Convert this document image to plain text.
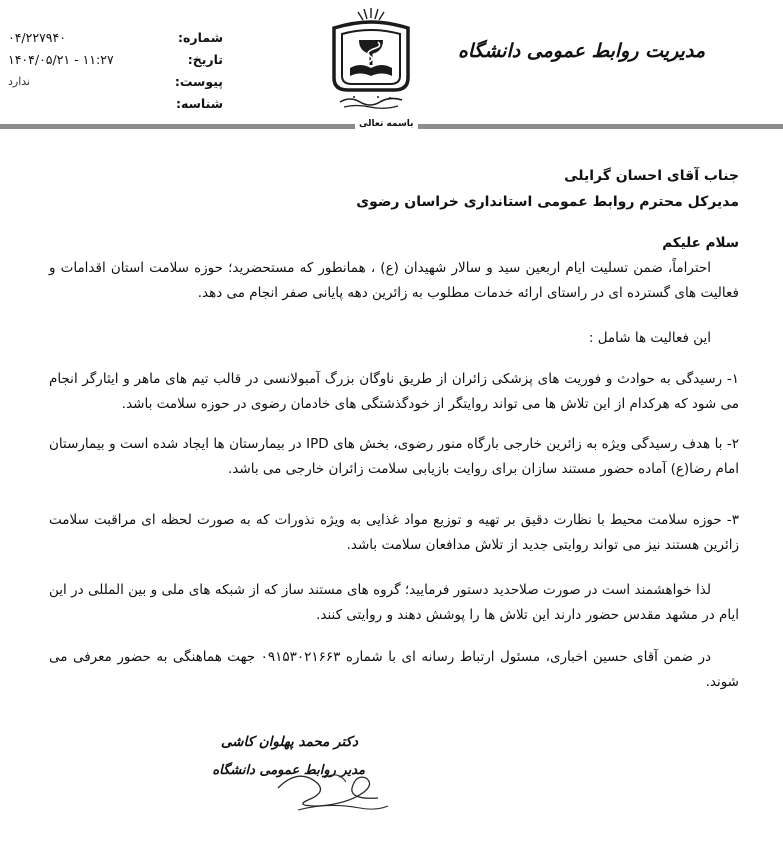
شماره:
۰۴/۲۲۷۹۴۰
تاریخ:
۱۴۰۴/۰۵/۲۱ - ۱۱:۲۷
پیوست:
ندارد
شناسه:
مدیریت روابط عمومی دانشگاه
باسمه تعالی
جناب آقای احسان گرایلی
مدیرکل محترم روابط عمومی استانداری خراسان رضوی
سلام علیکم
احتراماً، ضمن تسلیت ایام اربعین سید و سالار شهیدان (ع) ، همانطور که مستحضرید؛ حوزه سلامت استان اقدامات و فعالیت های گسترده ای در راستای ارائه خدمات مطلوب به زائرین دهه پایانی صفر انجام می دهد.
این فعالیت ها شامل :
۱- رسیدگی به حوادث و فوریت های پزشکی زائران از طریق ناوگان بزرگ آمبولانسی در قالب تیم های ماهر و ایثارگر انجام می شود که هرکدام از این تلاش ها می تواند روایتگر از خودگذشتگی های خادمان رضوی در حوزه سلامت باشد.
۲- با هدف رسیدگی ویژه به زائرین خارجی بارگاه منور رضوی، بخش های IPD در بیمارستان ها ایجاد شده است و بیمارستان امام رضا(ع) آماده حضور مستند سازان برای روایت بازیابی سلامت زائران خارجی می باشد.
۳- حوزه سلامت محیط با نظارت دقیق بر تهیه و توزیع مواد غذایی به ویژه نذورات که به صورت لحظه ای مراقبت سلامت زائرین هستند نیز می تواند روایتی جدید از تلاش مدافعان سلامت باشد.
لذا خواهشمند است در صورت صلاحدید دستور فرمایید؛ گروه های مستند ساز که از شبکه های ملی و بین المللی در این ایام در مشهد مقدس حضور دارند این تلاش ها را پوشش دهند و روایتی کنند.
در ضمن آقای حسین اخباری، مسئول ارتباط رسانه ای با شماره ۰۹۱۵۳۰۲۱۶۶۳ جهت هماهنگی به حضور معرفی می شوند.
دکتر محمد پهلوان کاشی
مدیر روابط عمومی دانشگاه
